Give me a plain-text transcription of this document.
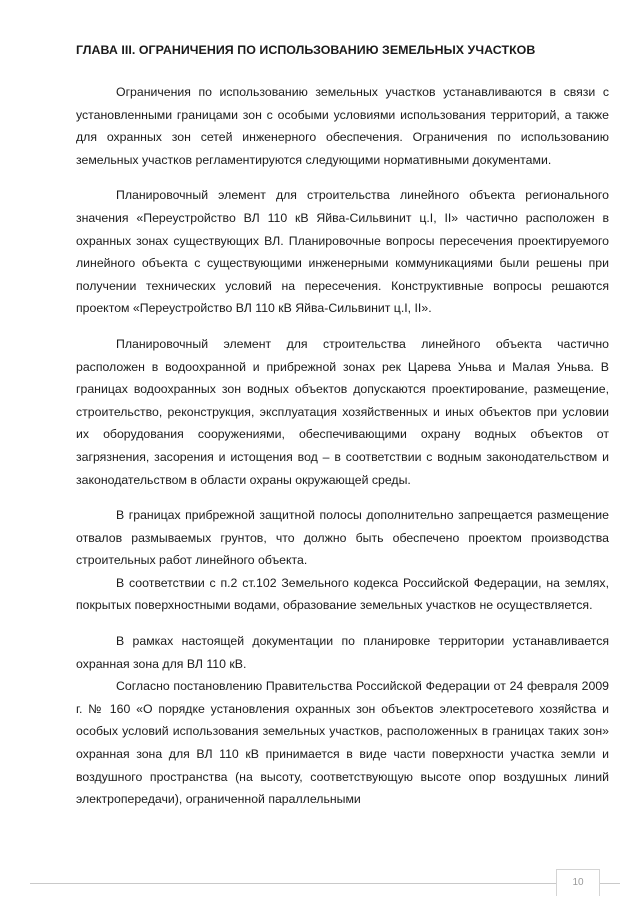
ГЛАВА III. ОГРАНИЧЕНИЯ ПО ИСПОЛЬЗОВАНИЮ ЗЕМЕЛЬНЫХ УЧАСТКОВ

Ограничения по использованию земельных участков устанавливаются в связи с установленными границами зон с особыми условиями использования территорий, а также для охранных зон сетей инженерного обеспечения. Ограничения по использованию земельных участков регламентируются следующими нормативными документами.

Планировочный элемент для строительства линейного объекта регионального значения «Переустройство ВЛ 110 кВ Яйва-Сильвинит ц.I, II» частично расположен в охранных зонах существующих ВЛ. Планировочные вопросы пересечения проектируемого линейного объекта с существующими инженерными коммуникациями были решены при получении технических условий на пересечения. Конструктивные вопросы решаются проектом «Переустройство ВЛ 110 кВ Яйва-Сильвинит ц.I, II».

Планировочный элемент для строительства линейного объекта частично расположен в водоохранной и прибрежной зонах рек Царева Уньва и Малая Уньва. В границах водоохранных зон водных объектов допускаются проектирование, размещение, строительство, реконструкция, эксплуатация хозяйственных и иных объектов при условии их оборудования сооружениями, обеспечивающими охрану водных объектов от загрязнения, засорения и истощения вод – в соответствии с водным законодательством и законодательством в области охраны окружающей среды.

В границах прибрежной защитной полосы дополнительно запрещается размещение отвалов размываемых грунтов, что должно быть обеспечено проектом производства строительных работ линейного объекта.

В соответствии с п.2 ст.102 Земельного кодекса Российской Федерации, на землях, покрытых поверхностными водами, образование земельных участков не осуществляется.

В рамках настоящей документации по планировке территории устанавливается охранная зона для ВЛ 110 кВ.

Согласно постановлению Правительства Российской Федерации от 24 февраля 2009 г. № 160 «О порядке установления охранных зон объектов электросетевого хозяйства и особых условий использования земельных участков, расположенных в границах таких зон» охранная зона для ВЛ 110 кВ принимается в виде части поверхности участка земли и воздушного пространства (на высоту, соответствующую высоте опор воздушных линий электропередачи), ограниченной параллельными

10
